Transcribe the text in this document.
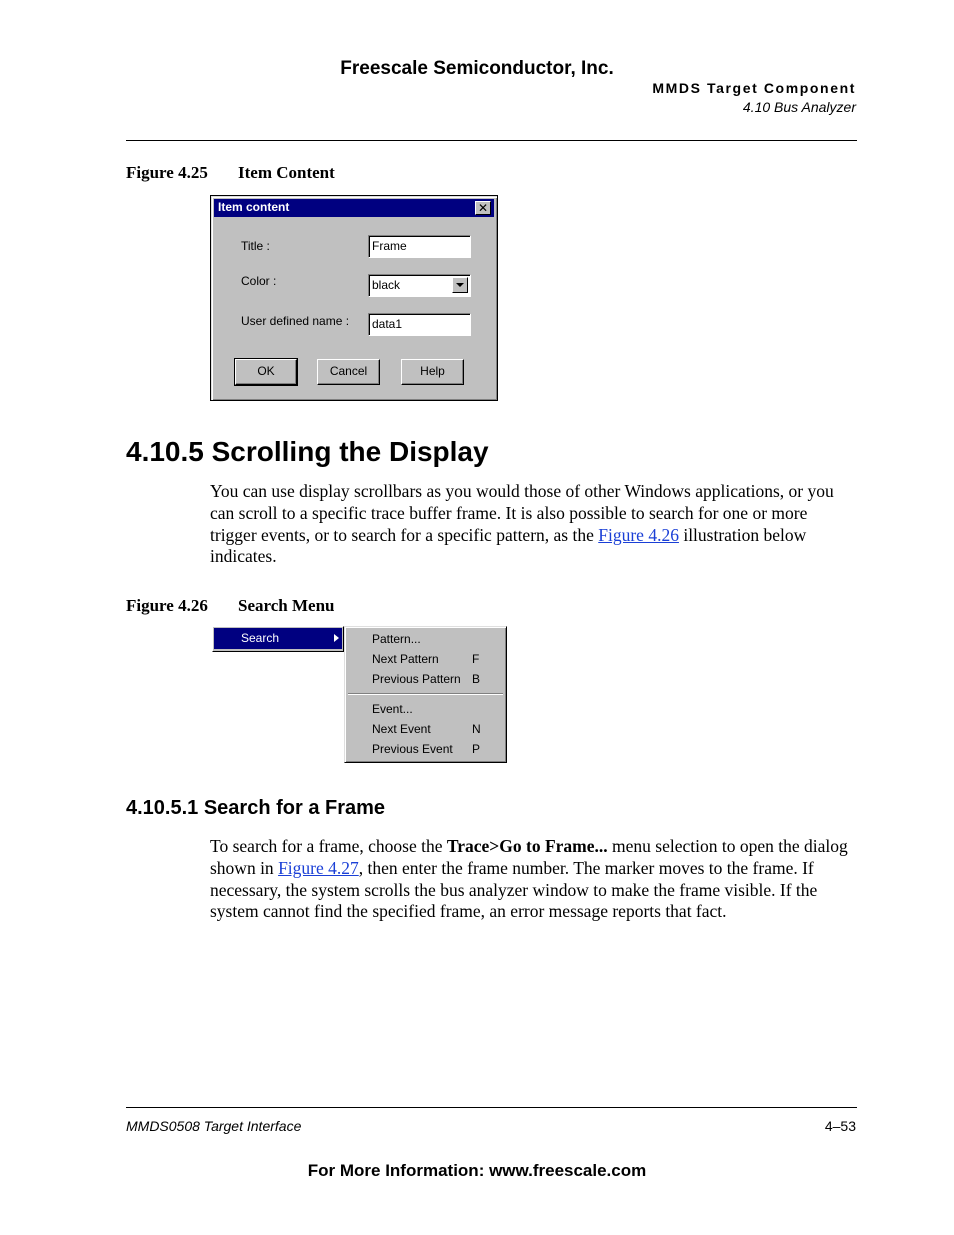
Freescale Semiconductor, Inc.
MMDS Target Component
4.10 Bus Analyzer
Figure 4.25 Item Content
Item content	✕
Title :	Frame
Color :	black
User defined name :	data1
OK	Cancel	Help
4.10.5 Scrolling the Display
You can use display scrollbars as you would those of other Windows applications, or you can scroll to a specific trace buffer frame. It is also possible to search for one or more trigger events, or to search for a specific pattern, as the Figure 4.26 illustration below indicates.
Figure 4.26 Search Menu
Search	Pattern...
Next Pattern	F
Previous Pattern B
Event...
Next Event	N
Previous Event P
4.10.5.1 Search for a Frame
To search for a frame, choose the Trace>Go to Frame... menu selection to open the dialog shown in Figure 4.27, then enter the frame number. The marker moves to the frame. If necessary, the system scrolls the bus analyzer window to make the frame visible. If the system cannot find the specified frame, an error message reports that fact.
MMDS0508 Target Interface	4–53
For More Information: www.freescale.com
